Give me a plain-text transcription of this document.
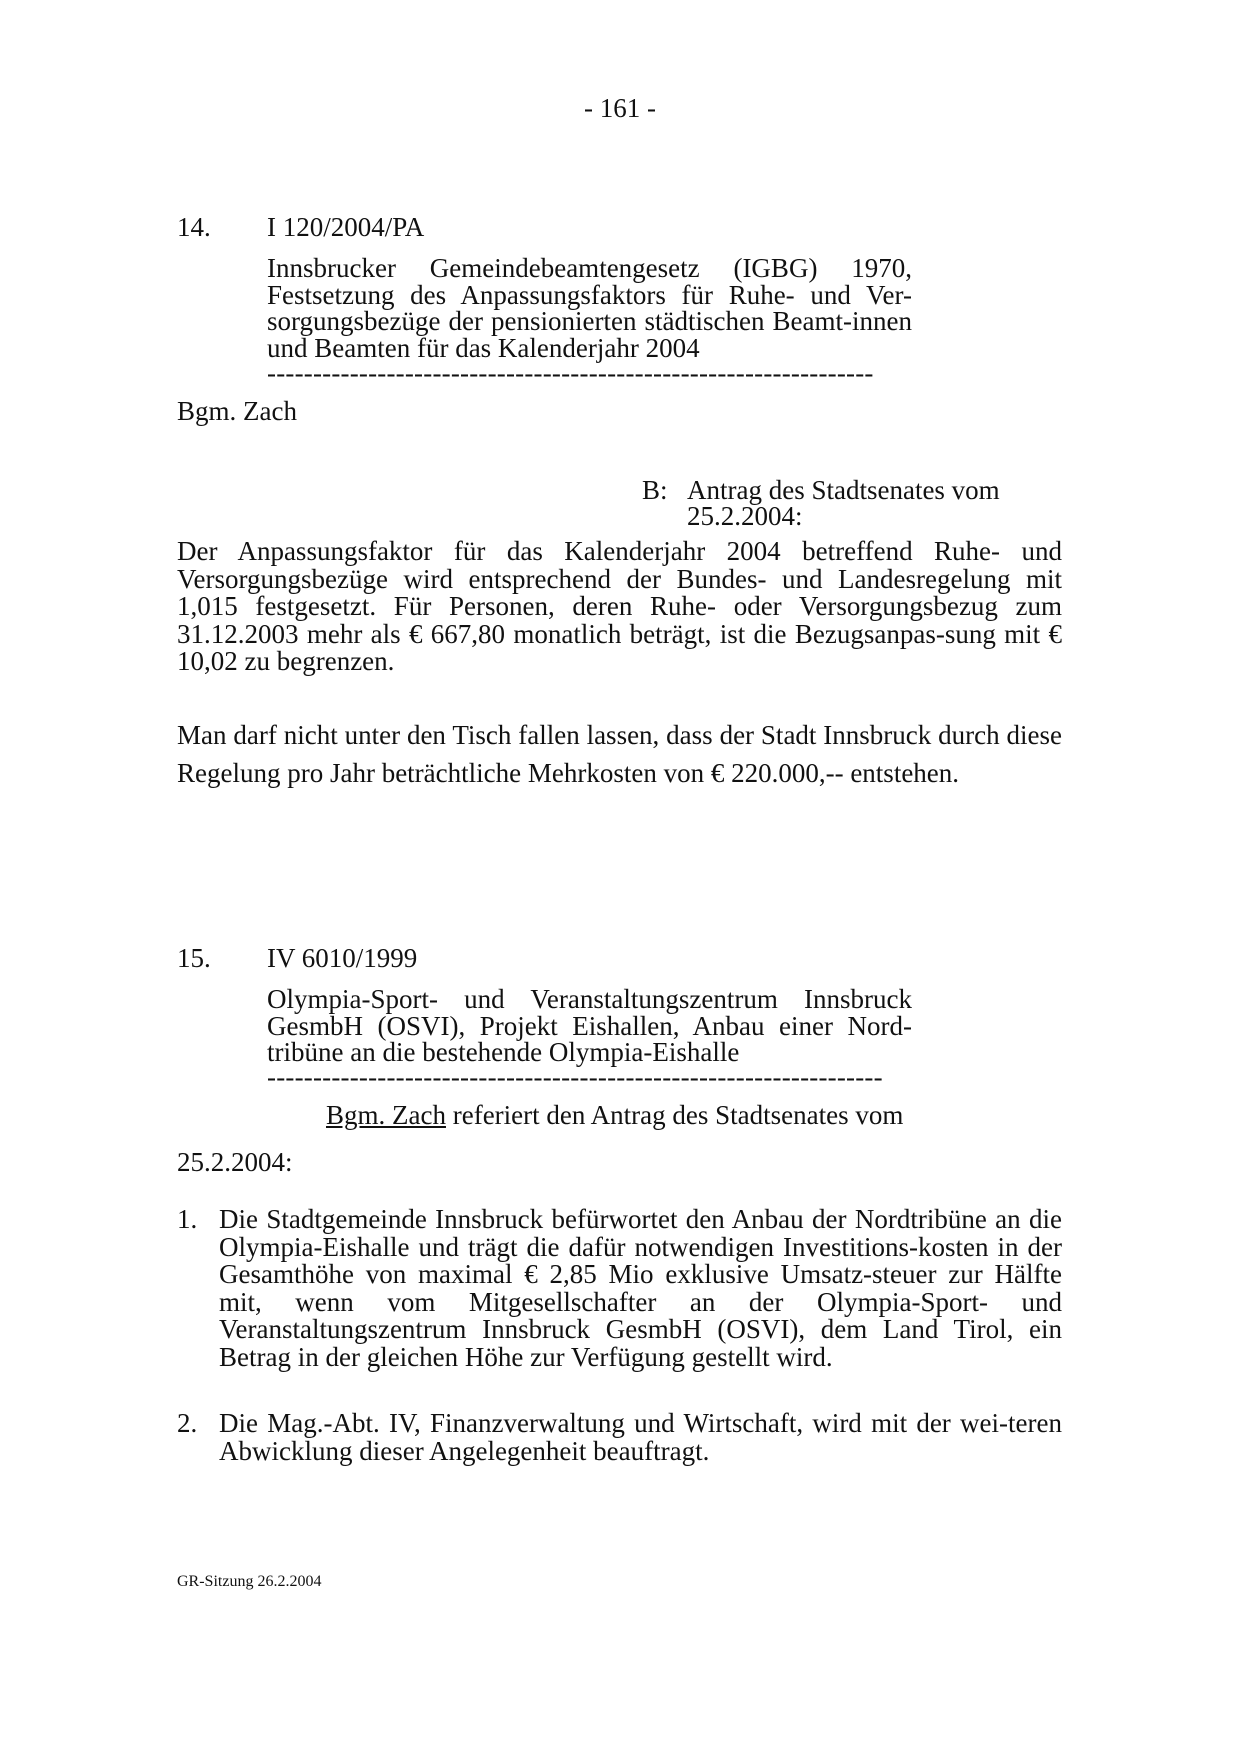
- 161 -
14. I 120/2004/PA
Innsbrucker Gemeindebeamtengesetz (IGBG) 1970, Festsetzung des Anpassungsfaktors für Ruhe- und Ver-sorgungsbezüge der pensionierten städtischen Beamt-innen und Beamten für das Kalenderjahr 2004
------------------------------------------------------------------
Bgm. Zach
B: Antrag des Stadtsenates vom
25.2.2004:
Der Anpassungsfaktor für das Kalenderjahr 2004 betreffend Ruhe- und Versorgungsbezüge wird entsprechend der Bundes- und Landesregelung mit 1,015 festgesetzt. Für Personen, deren Ruhe- oder Versorgungsbezug zum 31.12.2003 mehr als € 667,80 monatlich beträgt, ist die Bezugsanpas-sung mit € 10,02 zu begrenzen.
Man darf nicht unter den Tisch fallen lassen, dass der Stadt Innsbruck durch diese Regelung pro Jahr beträchtliche Mehrkosten von € 220.000,-- entstehen.
15. IV 6010/1999
Olympia-Sport- und Veranstaltungszentrum Innsbruck GesmbH (OSVI), Projekt Eishallen, Anbau einer Nord-tribüne an die bestehende Olympia-Eishalle
-------------------------------------------------------------------
Bgm. Zach referiert den Antrag des Stadtsenates vom
25.2.2004:
1. Die Stadtgemeinde Innsbruck befürwortet den Anbau der Nordtribüne an die Olympia-Eishalle und trägt die dafür notwendigen Investitions-kosten in der Gesamthöhe von maximal € 2,85 Mio exklusive Umsatz-steuer zur Hälfte mit, wenn vom Mitgesellschafter an der Olympia-Sport- und Veranstaltungszentrum Innsbruck GesmbH (OSVI), dem Land Tirol, ein Betrag in der gleichen Höhe zur Verfügung gestellt wird.
2. Die Mag.-Abt. IV, Finanzverwaltung und Wirtschaft, wird mit der wei-teren Abwicklung dieser Angelegenheit beauftragt.
GR-Sitzung 26.2.2004
